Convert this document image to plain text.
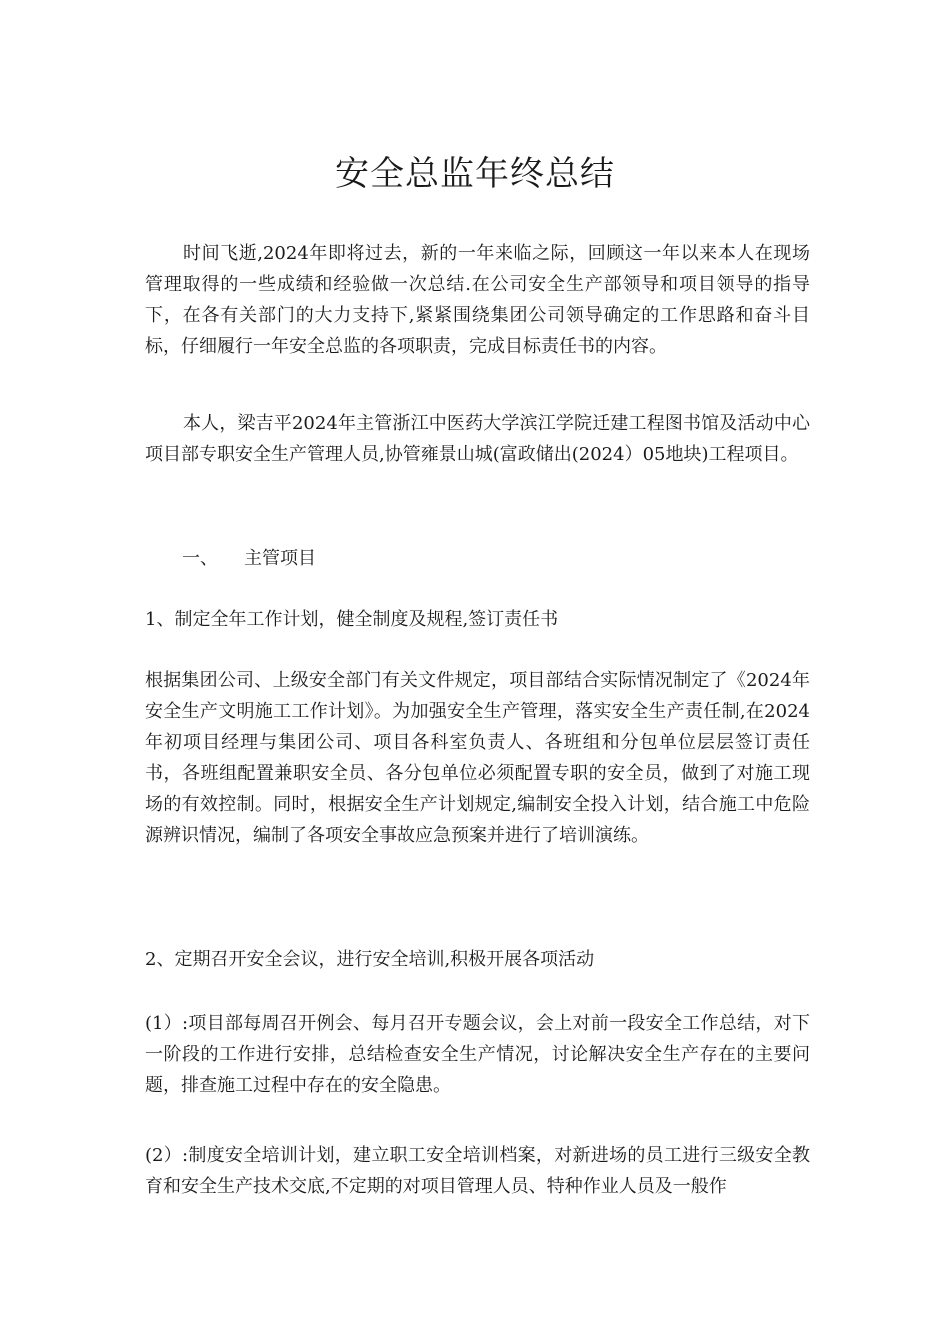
安全总监年终总结

时间飞逝,2024年即将过去，新的一年来临之际，回顾这一年以来本人在现场管理取得的一些成绩和经验做一次总结.在公司安全生产部领导和项目领导的指导下，在各有关部门的大力支持下,紧紧围绕集团公司领导确定的工作思路和奋斗目标，仔细履行一年安全总监的各项职责，完成目标责任书的内容。

本人，梁吉平2024年主管浙江中医药大学滨江学院迁建工程图书馆及活动中心项目部专职安全生产管理人员,协管雍景山城(富政储出(2024）05地块)工程项目。

一、 主管项目

1、制定全年工作计划，健全制度及规程,签订责任书

根据集团公司、上级安全部门有关文件规定，项目部结合实际情况制定了《2024年安全生产文明施工工作计划》。为加强安全生产管理，落实安全生产责任制,在2024年初项目经理与集团公司、项目各科室负责人、各班组和分包单位层层签订责任书，各班组配置兼职安全员、各分包单位必须配置专职的安全员，做到了对施工现场的有效控制。同时，根据安全生产计划规定,编制安全投入计划，结合施工中危险源辨识情况，编制了各项安全事故应急预案并进行了培训演练。

2、定期召开安全会议，进行安全培训,积极开展各项活动

(1）:项目部每周召开例会、每月召开专题会议，会上对前一段安全工作总结，对下一阶段的工作进行安排，总结检查安全生产情况，讨论解决安全生产存在的主要问题，排查施工过程中存在的安全隐患。

(2）:制度安全培训计划，建立职工安全培训档案，对新进场的员工进行三级安全教育和安全生产技术交底,不定期的对项目管理人员、特种作业人员及一般作
